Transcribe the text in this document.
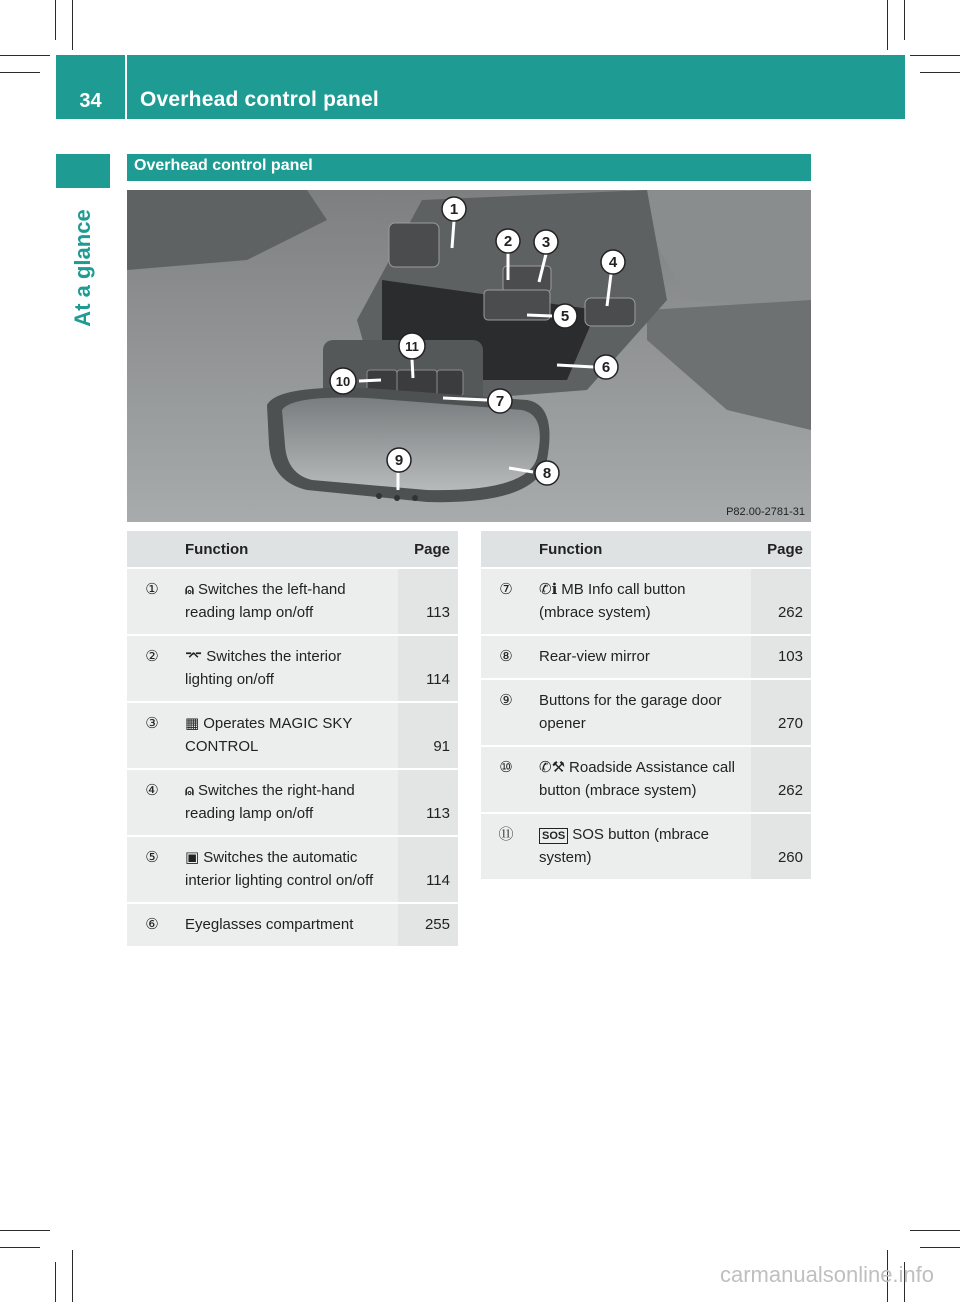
34	Overhead control panel
At a glance
Overhead control panel
1
2 3
4
5
6
7
8
9
10
11
P82.00-2781-31
	Function	Page
①	⍝ Switches the left-hand reading lamp on/off	113
②	⌤ Switches the interior lighting on/off	114
③	▦ Operates MAGIC SKY CONTROL	91
④	⍝ Switches the right-hand reading lamp on/off	113
⑤	▣ Switches the automatic interior lighting control on/off	114
⑥	Eyeglasses compartment	255
	Function	Page
⑦	✆ℹ MB Info call button (mbrace system)	262
⑧	Rear-view mirror	103
⑨	Buttons for the garage door opener	270
⑩	✆⚒ Roadside Assistance call button (mbrace system)	262
⑪	SOS SOS button (mbrace system)	260
carmanualsonline.info
